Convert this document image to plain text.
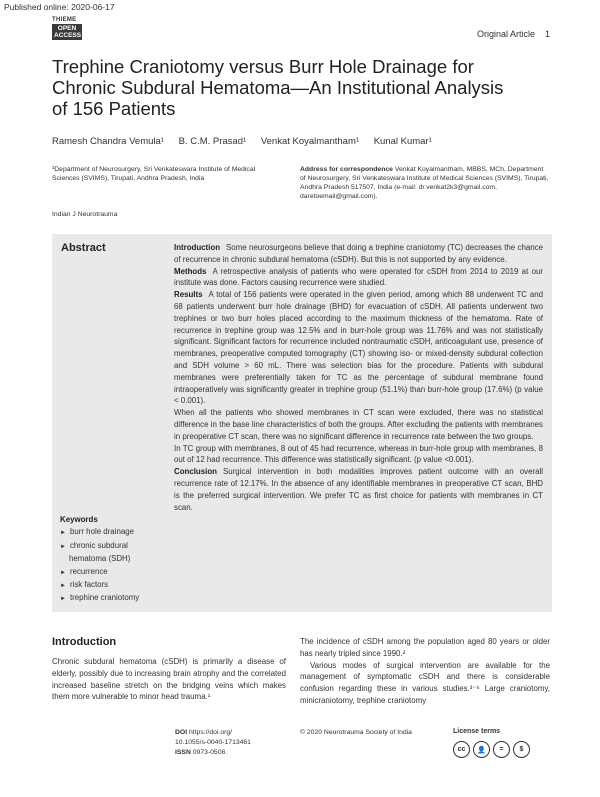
Published online: 2020-06-17
THIEME
OPEN ACCESS	Original Article 1
Trephine Craniotomy versus Burr Hole Drainage for Chronic Subdural Hematoma—An Institutional Analysis of 156 Patients
Ramesh Chandra Vemula¹ B. C.M. Prasad¹ Venkat Koyalmantham¹ Kunal Kumar¹
¹Department of Neurosurgery, Sri Venkateswara Institute of Medical Sciences (SVIMS), Tirupati, Andhra Pradesh, India
Address for correspondence Venkat Koyalmantham, MBBS, MCh, Department of Neurosurgery, Sri Venkateswara Institute of Medical Sciences (SVIMS), Tirupati, Andhra Pradesh 517507, India (e-mail: dr.venkat2k3@gmail.com, daretoemail@gmail.com).
Indian J Neurotrauma
Abstract	Introduction Some neurosurgeons believe that doing a trephine craniotomy (TC) decreases the chance of recurrence in chronic subdural hematoma (cSDH). But this is not supported by any evidence.

Methods A retrospective analysis of patients who were operated for cSDH from 2014 to 2019 at our institute was done. Factors causing recurrence were studied.

Results A total of 156 patients were operated in the given period, among which 88 underwent TC and 68 patients underwent burr hole drainage (BHD) for evacuation of cSDH. All patients underwent two trephines or two burr holes placed according to the maximum thickness of the hematoma. Rate of recurrence in trephine group was 12.5% and in burr-hole group was 11.76% and was not statistically significant. Significant factors for recurrence included nontraumatic cSDH, anticoagulant use, presence of membranes, preoperative computed tomography (CT) showing iso- or mixed-density subdural collection and SDH volume > 60 mL. There was selection bias for the procedure. Patients with subdural membranes were preferentially taken for TC as the percentage of subdural membrane found intraoperatively was significantly greater in trephine group (51.1%) than burr-hole group (17.6%) (p value < 0.001).

When all the patients who showed membranes in CT scan were excluded, there was no statistical difference in the base line characteristics of both the groups. After excluding the patients with membranes in preoperative CT scan, there was no significant difference in recurrence rate between the two groups.

In TC group with membranes, 8 out of 45 had recurrence, whereas in burr-hole group with membranes, 8 out of 12 had recurrence. This difference was statistically significant. (p value <0.001).

Conclusion Surgical intervention in both modalities improves patient outcome with an overall recurrence rate of 12.17%. In the absence of any identifiable membranes in preoperative CT scan, BHD is the preferred surgical intervention. We prefer TC as first choice for patients with membranes in CT scan.

Keywords
► burr hole drainage
► chronic subdural
hematoma (SDH)
► recurrence
► risk factors
► trephine craniotomy
Introduction
Chronic subdural hematoma (cSDH) is primarily a disease of elderly, possibly due to increasing brain atrophy and the correlated increased baseline stretch on the bridging veins which makes them more vulnerable to minor head trauma.¹

The incidence of cSDH among the population aged 80 years or older has nearly tripled since 1990.²

Various modes of surgical intervention are available for the management of symptomatic cSDH and there is considerable confusion regarding these in various studies.³⁻⁶ Large craniotomy, minicraniotomy, trephine craniotomy

DOI https://doi.org/
10.1055/s-0040-1713461
ISSN 0973-0508.
© 2020 Neurotrauma Society of India	License terms
cc	👤	=	$
